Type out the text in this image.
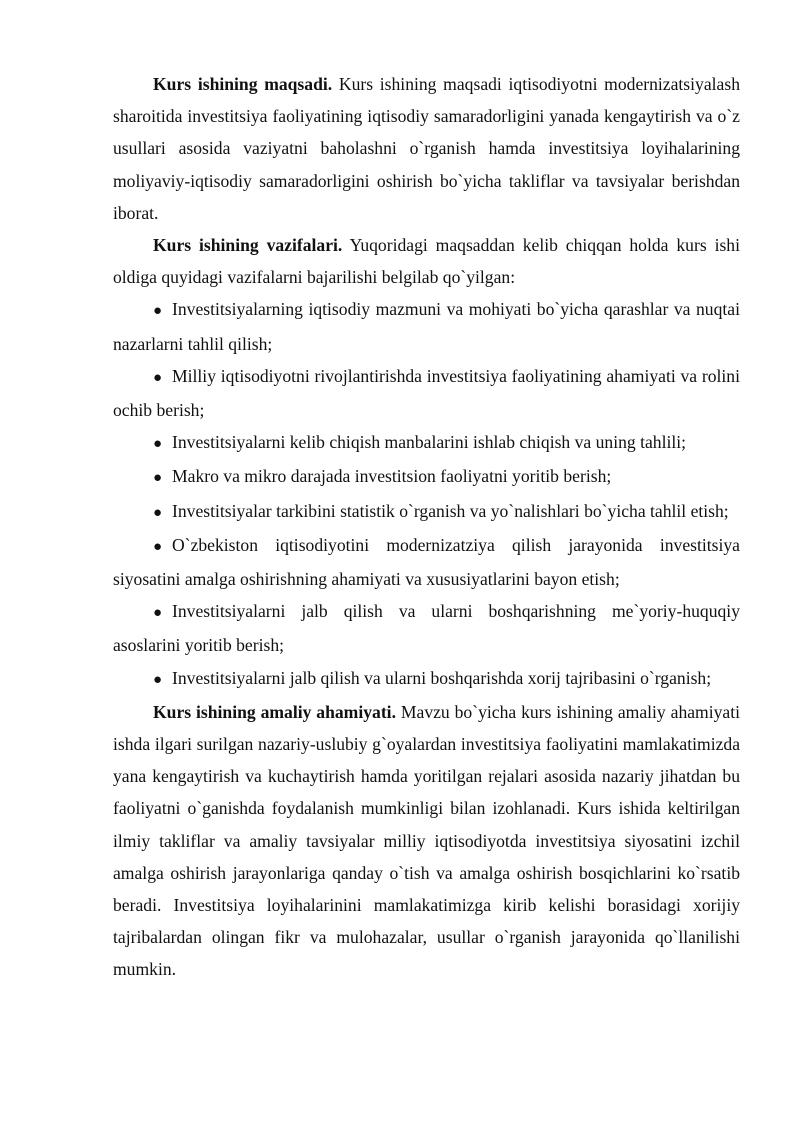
Kurs ishining maqsadi. Kurs ishining maqsadi iqtisodiyotni modernizatsiyalash sharoitida investitsiya faoliyatining iqtisodiy samaradorligini yanada kengaytirish va o`z usullari asosida vaziyatni baholashni o`rganish hamda investitsiya loyihalarining moliyaviy-iqtisodiy samaradorligini oshirish bo`yicha takliflar va tavsiyalar berishdan iborat.

Kurs ishining vazifalari. Yuqoridagi maqsaddan kelib chiqqan holda kurs ishi oldiga quyidagi vazifalarni bajarilishi belgilab qo`yilgan:

● Investitsiyalarning iqtisodiy mazmuni va mohiyati bo`yicha qarashlar va nuqtai nazarlarni tahlil qilish;

● Milliy iqtisodiyotni rivojlantirishda investitsiya faoliyatining ahamiyati va rolini ochib berish;

● Investitsiyalarni kelib chiqish manbalarini ishlab chiqish va uning tahlili;

● Makro va mikro darajada investitsion faoliyatni yoritib berish;

● Investitsiyalar tarkibini statistik o`rganish va yo`nalishlari bo`yicha tahlil etish;

● O`zbekiston iqtisodiyotini modernizatziya qilish jarayonida investitsiya siyosatini amalga oshirishning ahamiyati va xususiyatlarini bayon etish;

● Investitsiyalarni jalb qilish va ularni boshqarishning me`yoriy-huquqiy asoslarini yoritib berish;

● Investitsiyalarni jalb qilish va ularni boshqarishda xorij tajribasini o`rganish;

Kurs ishining amaliy ahamiyati. Mavzu bo`yicha kurs ishining amaliy ahamiyati ishda ilgari surilgan nazariy-uslubiy g`oyalardan investitsiya faoliyatini mamlakatimizda yana kengaytirish va kuchaytirish hamda yoritilgan rejalari asosida nazariy jihatdan bu faoliyatni o`ganishda foydalanish mumkinligi bilan izohlanadi. Kurs ishida keltirilgan ilmiy takliflar va amaliy tavsiyalar milliy iqtisodiyotda investitsiya siyosatini izchil amalga oshirish jarayonlariga qanday o`tish va amalga oshirish bosqichlarini ko`rsatib beradi. Investitsiya loyihalarinini mamlakatimizga kirib kelishi borasidagi xorijiy tajribalardan olingan fikr va mulohazalar, usullar o`rganish jarayonida qo`llanilishi mumkin.
